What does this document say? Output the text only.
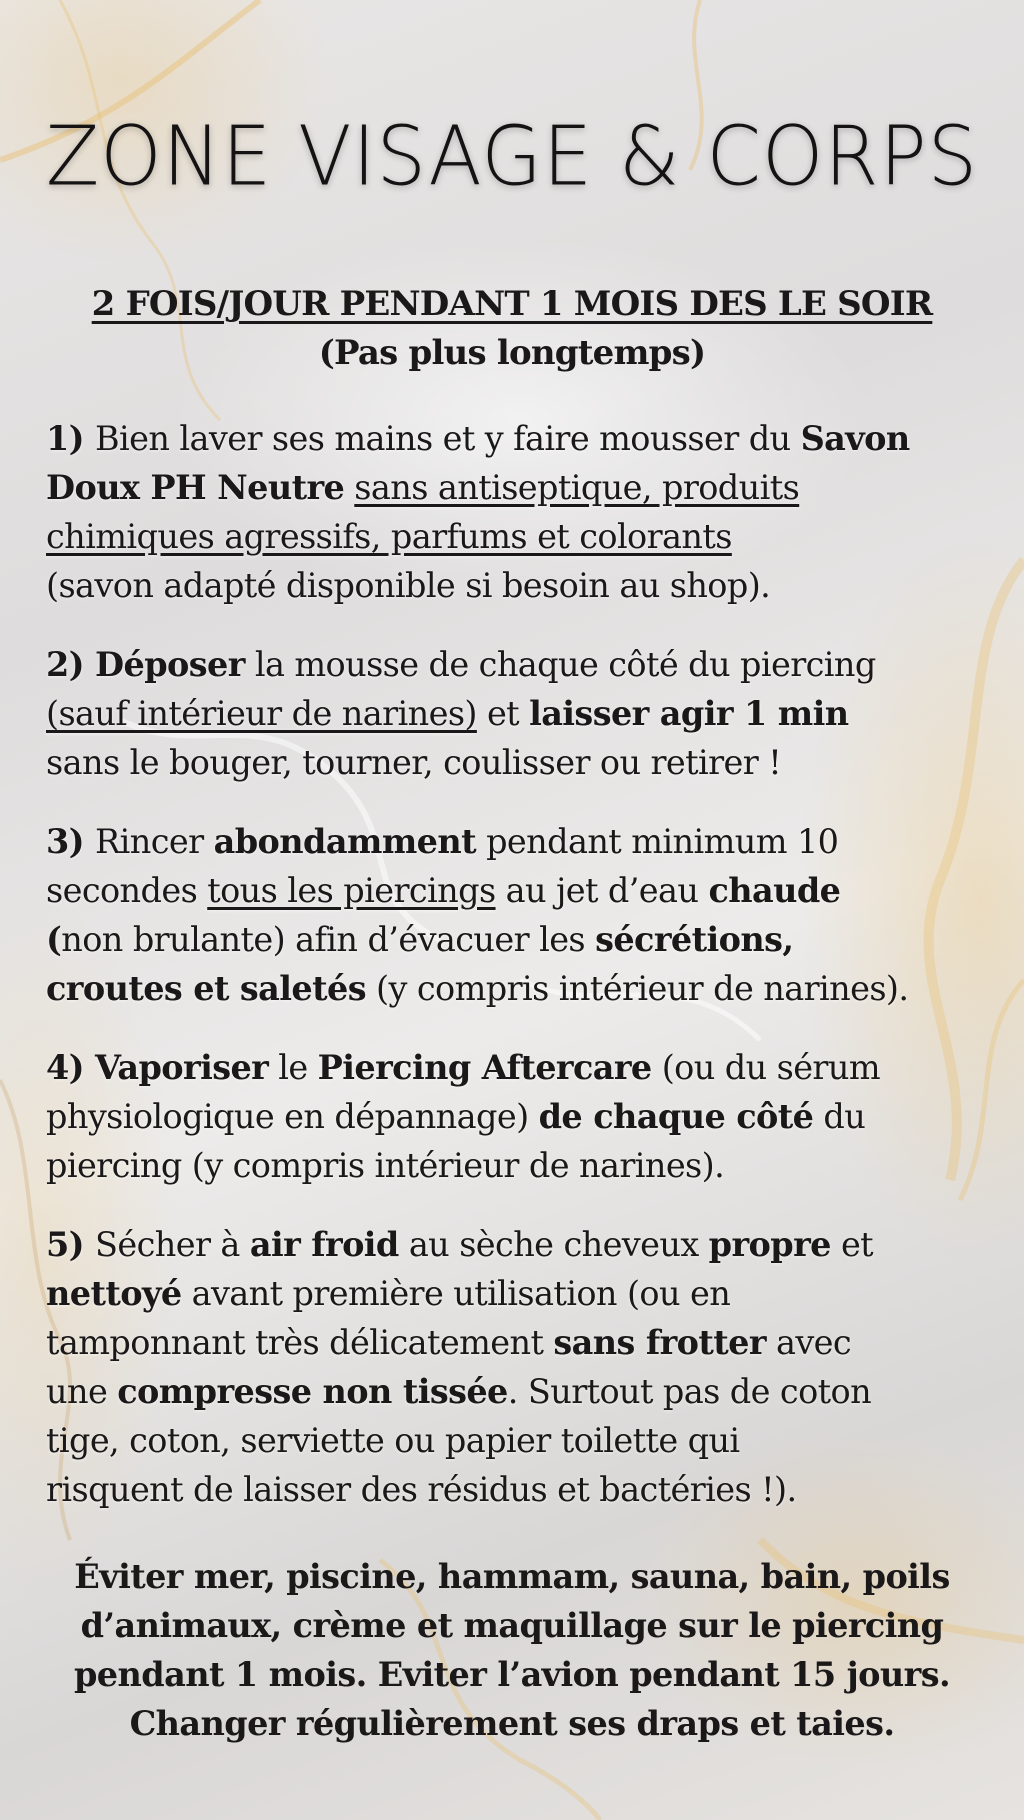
ZONE VISAGE & CORPS
2 FOIS/JOUR PENDANT 1 MOIS DES LE SOIR
(Pas plus longtemps)

1) Bien laver ses mains et y faire mousser du Savon
Doux PH Neutre sans antiseptique, produits
chimiques agressifs, parfums et colorants
(savon adapté disponible si besoin au shop).

2) Déposer la mousse de chaque côté du piercing
(sauf intérieur de narines) et laisser agir 1 min
sans le bouger, tourner, coulisser ou retirer !

3) Rincer abondamment pendant minimum 10
secondes tous les piercings au jet d’eau chaude
(non brulante) afin d’évacuer les sécrétions,
croutes et saletés (y compris intérieur de narines).

4) Vaporiser le Piercing Aftercare (ou du sérum
physiologique en dépannage) de chaque côté du
piercing (y compris intérieur de narines).

5) Sécher à air froid au sèche cheveux propre et
nettoyé avant première utilisation (ou en
tamponnant très délicatement sans frotter avec
une compresse non tissée. Surtout pas de coton
tige, coton, serviette ou papier toilette qui
risquent de laisser des résidus et bactéries !).

Éviter mer, piscine, hammam, sauna, bain, poils
d’animaux, crème et maquillage sur le piercing
pendant 1 mois. Eviter l’avion pendant 15 jours.
Changer régulièrement ses draps et taies.
